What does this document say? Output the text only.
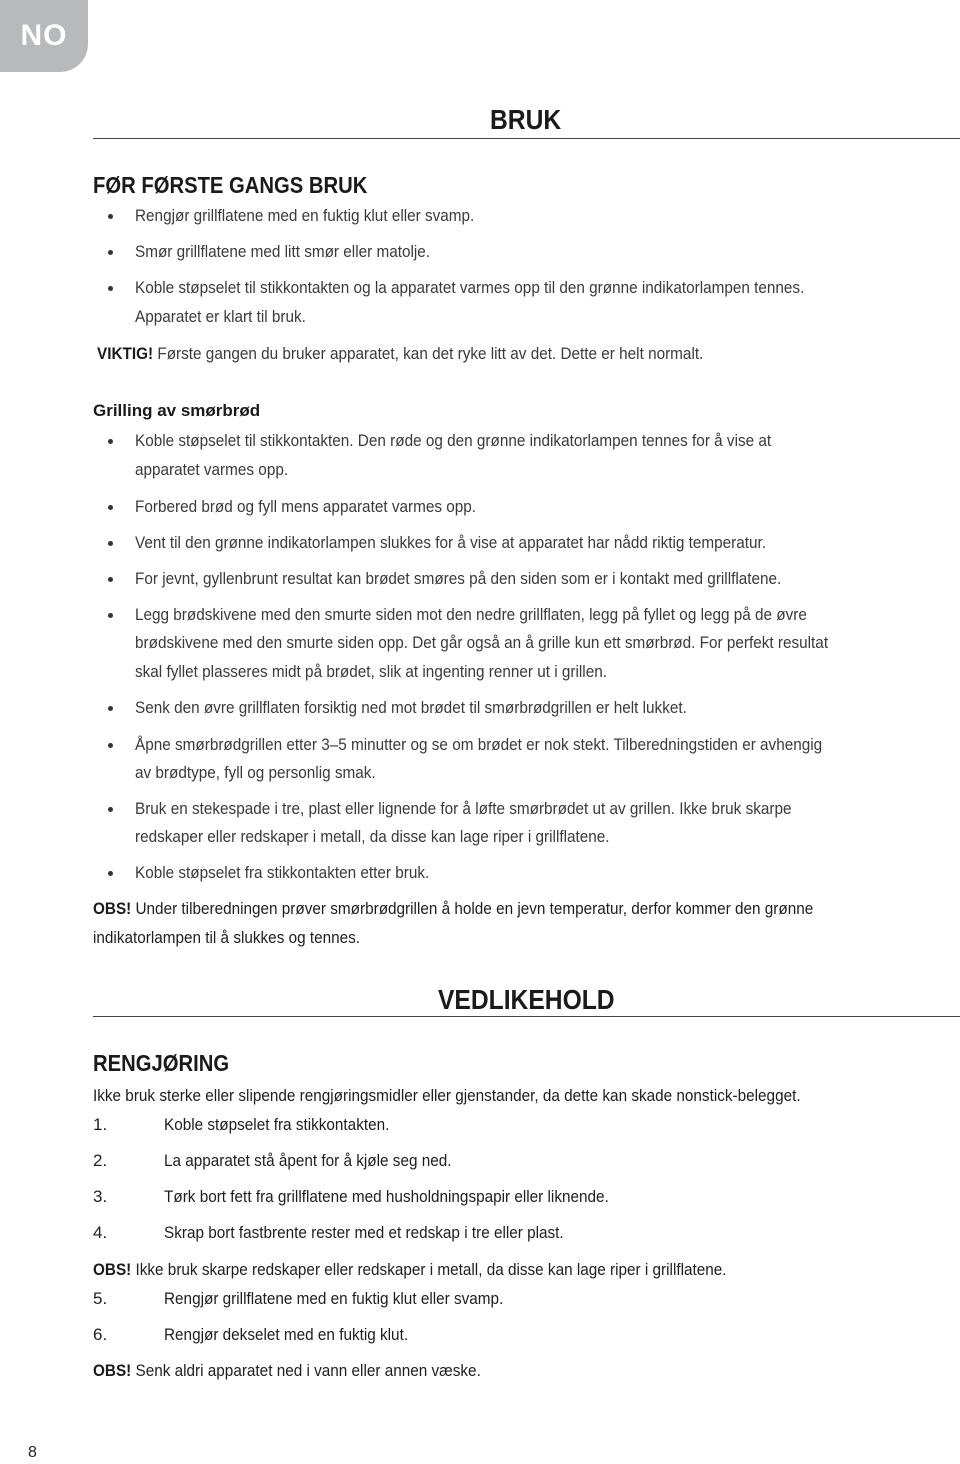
NO
BRUK
FØR FØRSTE GANGS BRUK
Rengjør grillflatene med en fuktig klut eller svamp.
Smør grillflatene med litt smør eller matolje.
Koble støpselet til stikkontakten og la apparatet varmes opp til den grønne indikatorlampen tennes.
Apparatet er klart til bruk.
VIKTIG! Første gangen du bruker apparatet, kan det ryke litt av det. Dette er helt normalt.
Grilling av smørbrød
Koble støpselet til stikkontakten. Den røde og den grønne indikatorlampen tennes for å vise at
apparatet varmes opp.
Forbered brød og fyll mens apparatet varmes opp.
Vent til den grønne indikatorlampen slukkes for å vise at apparatet har nådd riktig temperatur.
For jevnt, gyllenbrunt resultat kan brødet smøres på den siden som er i kontakt med grillflatene.
Legg brødskivene med den smurte siden mot den nedre grillflaten, legg på fyllet og legg på de øvre
brødskivene med den smurte siden opp. Det går også an å grille kun ett smørbrød. For perfekt resultat
skal fyllet plasseres midt på brødet, slik at ingenting renner ut i grillen.
Senk den øvre grillflaten forsiktig ned mot brødet til smørbrødgrillen er helt lukket.
Åpne smørbrødgrillen etter 3–5 minutter og se om brødet er nok stekt. Tilberedningstiden er avhengig
av brødtype, fyll og personlig smak.
Bruk en stekespade i tre, plast eller lignende for å løfte smørbrødet ut av grillen. Ikke bruk skarpe
redskaper eller redskaper i metall, da disse kan lage riper i grillflatene.
Koble støpselet fra stikkontakten etter bruk.
OBS! Under tilberedningen prøver smørbrødgrillen å holde en jevn temperatur, derfor kommer den grønne
indikatorlampen til å slukkes og tennes.
VEDLIKEHOLD
RENGJØRING
Ikke bruk sterke eller slipende rengjøringsmidler eller gjenstander, da dette kan skade nonstick-belegget.
1.	Koble støpselet fra stikkontakten.
2.	La apparatet stå åpent for å kjøle seg ned.
3.	Tørk bort fett fra grillflatene med husholdningspapir eller liknende.
4.	Skrap bort fastbrente rester med et redskap i tre eller plast.
OBS! Ikke bruk skarpe redskaper eller redskaper i metall, da disse kan lage riper i grillflatene.
5.	Rengjør grillflatene med en fuktig klut eller svamp.
6.	Rengjør dekselet med en fuktig klut.
OBS! Senk aldri apparatet ned i vann eller annen væske.
8
